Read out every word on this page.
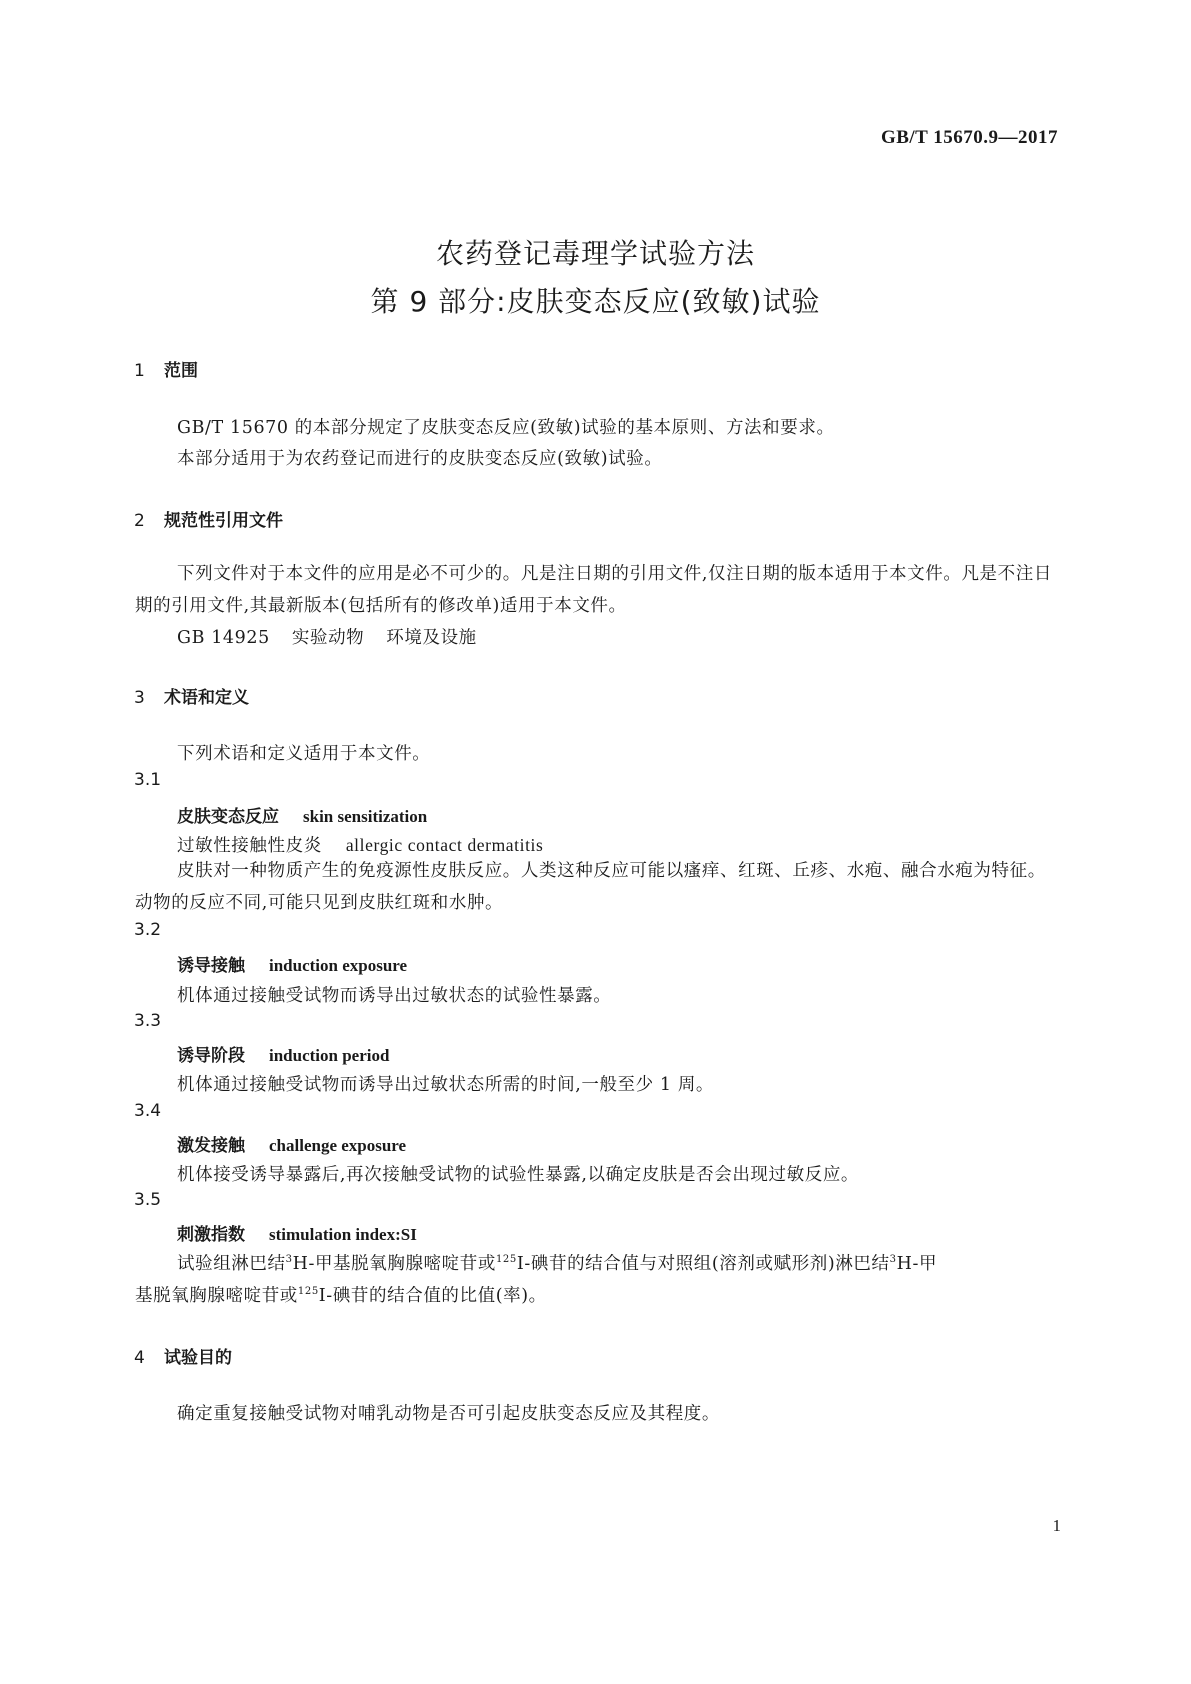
GB/T 15670.9—2017
农药登记毒理学试验方法
第 9 部分:皮肤变态反应(致敏)试验
1 范围
GB/T 15670 的本部分规定了皮肤变态反应(致敏)试验的基本原则、方法和要求。
本部分适用于为农药登记而进行的皮肤变态反应(致敏)试验。
2 规范性引用文件
下列文件对于本文件的应用是必不可少的。凡是注日期的引用文件,仅注日期的版本适用于本文件。凡是不注日期的引用文件,其最新版本(包括所有的修改单)适用于本文件。
GB 14925 实验动物 环境及设施
3 术语和定义
下列术语和定义适用于本文件。
3.1
皮肤变态反应 skin sensitization
过敏性接触性皮炎 allergic contact dermatitis
皮肤对一种物质产生的免疫源性皮肤反应。人类这种反应可能以瘙痒、红斑、丘疹、水疱、融合水疱为特征。动物的反应不同,可能只见到皮肤红斑和水肿。
3.2
诱导接触 induction exposure
机体通过接触受试物而诱导出过敏状态的试验性暴露。
3.3
诱导阶段 induction period
机体通过接触受试物而诱导出过敏状态所需的时间,一般至少 1 周。
3.4
激发接触 challenge exposure
机体接受诱导暴露后,再次接触受试物的试验性暴露,以确定皮肤是否会出现过敏反应。
3.5
刺激指数 stimulation index:SI
试验组淋巴结$^3$H-甲基脱氧胸腺嘧啶苷或$^{125}$I-碘苷的结合值与对照组(溶剂或赋形剂)淋巴结$^3$H-甲
基脱氧胸腺嘧啶苷或$^{125}$I-碘苷的结合值的比值(率)。
4 试验目的
确定重复接触受试物对哺乳动物是否可引起皮肤变态反应及其程度。
1
